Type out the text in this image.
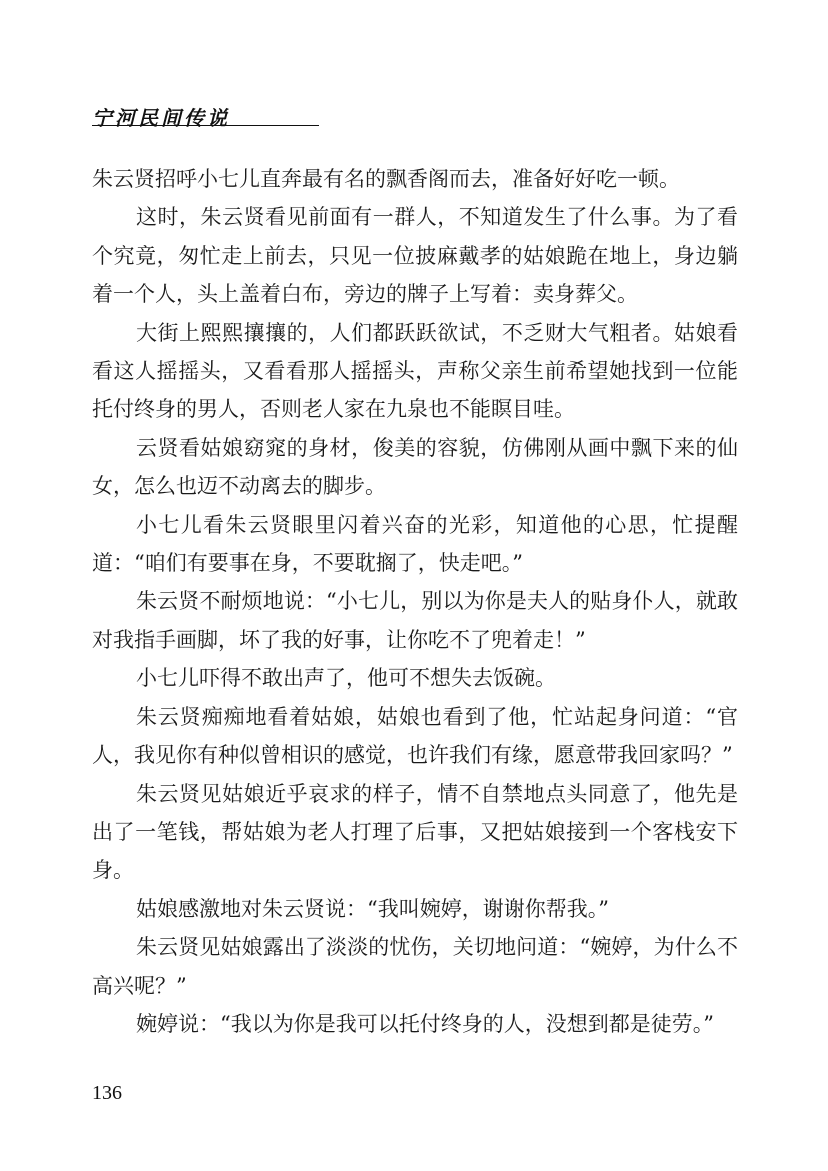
宁河民间传说

朱云贤招呼小七儿直奔最有名的飘香阁而去，准备好好吃一顿。

这时，朱云贤看见前面有一群人，不知道发生了什么事。为了看个究竟，匆忙走上前去，只见一位披麻戴孝的姑娘跪在地上，身边躺着一个人，头上盖着白布，旁边的牌子上写着：卖身葬父。

大街上熙熙攘攘的，人们都跃跃欲试，不乏财大气粗者。姑娘看看这人摇摇头，又看看那人摇摇头，声称父亲生前希望她找到一位能托付终身的男人，否则老人家在九泉也不能瞑目哇。

云贤看姑娘窈窕的身材，俊美的容貌，仿佛刚从画中飘下来的仙女，怎么也迈不动离去的脚步。

小七儿看朱云贤眼里闪着兴奋的光彩，知道他的心思，忙提醒道：“咱们有要事在身，不要耽搁了，快走吧。”

朱云贤不耐烦地说：“小七儿，别以为你是夫人的贴身仆人，就敢对我指手画脚，坏了我的好事，让你吃不了兜着走！”

小七儿吓得不敢出声了，他可不想失去饭碗。

朱云贤痴痴地看着姑娘，姑娘也看到了他，忙站起身问道：“官人，我见你有种似曾相识的感觉，也许我们有缘，愿意带我回家吗？”

朱云贤见姑娘近乎哀求的样子，情不自禁地点头同意了，他先是出了一笔钱，帮姑娘为老人打理了后事，又把姑娘接到一个客栈安下身。

姑娘感激地对朱云贤说：“我叫婉婷，谢谢你帮我。”

朱云贤见姑娘露出了淡淡的忧伤，关切地问道：“婉婷，为什么不高兴呢？”

婉婷说：“我以为你是我可以托付终身的人，没想到都是徒劳。”

136
